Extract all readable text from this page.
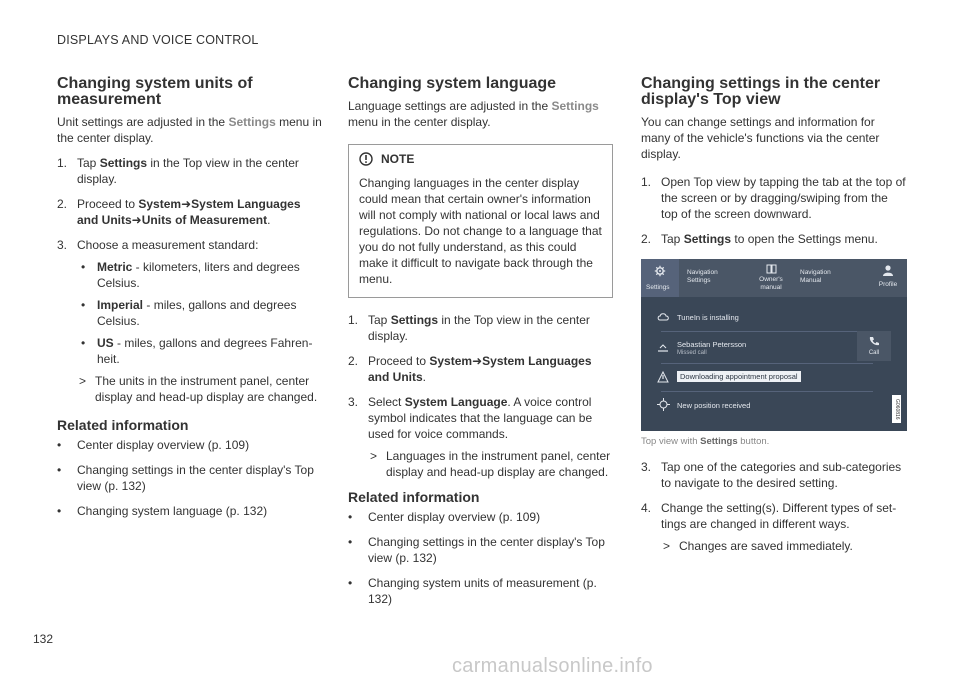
DISPLAYS AND VOICE CONTROL
Changing system units of measurement

Unit settings are adjusted in the Settings menu in the center display.

1. Tap Settings in the Top view in the center display.
2. Proceed to System➜System Languages and Units➜Units of Measurement.
3. Choose a measurement standard:
• Metric - kilometers, liters and degrees Celsius.
• Imperial - miles, gallons and degrees Celsius.
• US - miles, gallons and degrees Fahrenheit.
> The units in the instrument panel, center display and head-up display are changed.
Related information
• Center display overview (p. 109)
• Changing settings in the center display's Top view (p. 132)
• Changing system language (p. 132)
Changing system language

Language settings are adjusted in the Settings menu in the center display.

NOTE

Changing languages in the center display could mean that certain owner's information will not comply with national or local laws and regulations. Do not change to a language that you do not fully understand, as this could make it difficult to navigate back through the menu.

1. Tap Settings in the Top view in the center display.
2. Proceed to System➜System Languages and Units.
3. Select System Language. A voice control symbol indicates that the language can be used for voice commands.
> Languages in the instrument panel, center display and head-up display are changed.
Related information
• Center display overview (p. 109)
• Changing settings in the center display's Top view (p. 132)
• Changing system units of measurement (p. 132)
Changing settings in the center display's Top view

You can change settings and information for many of the vehicle's functions via the center display.

1. Open Top view by tapping the tab at the top of the screen or by dragging/swiping from the top of the screen downward.
2. Tap Settings to open the Settings menu.
Settings
Navigation Settings	Owner's manual
Navigation Manual
Profile
TuneIn is installing
Sebastian Petersson
Missed call	Call
Downloading appointment proposal
New position received	G060816
Top view with Settings button.
3. Tap one of the categories and sub-categories to navigate to the desired setting.
4. Change the setting(s). Different types of settings are changed in different ways.
> Changes are saved immediately.
132
carmanualsonline.info
